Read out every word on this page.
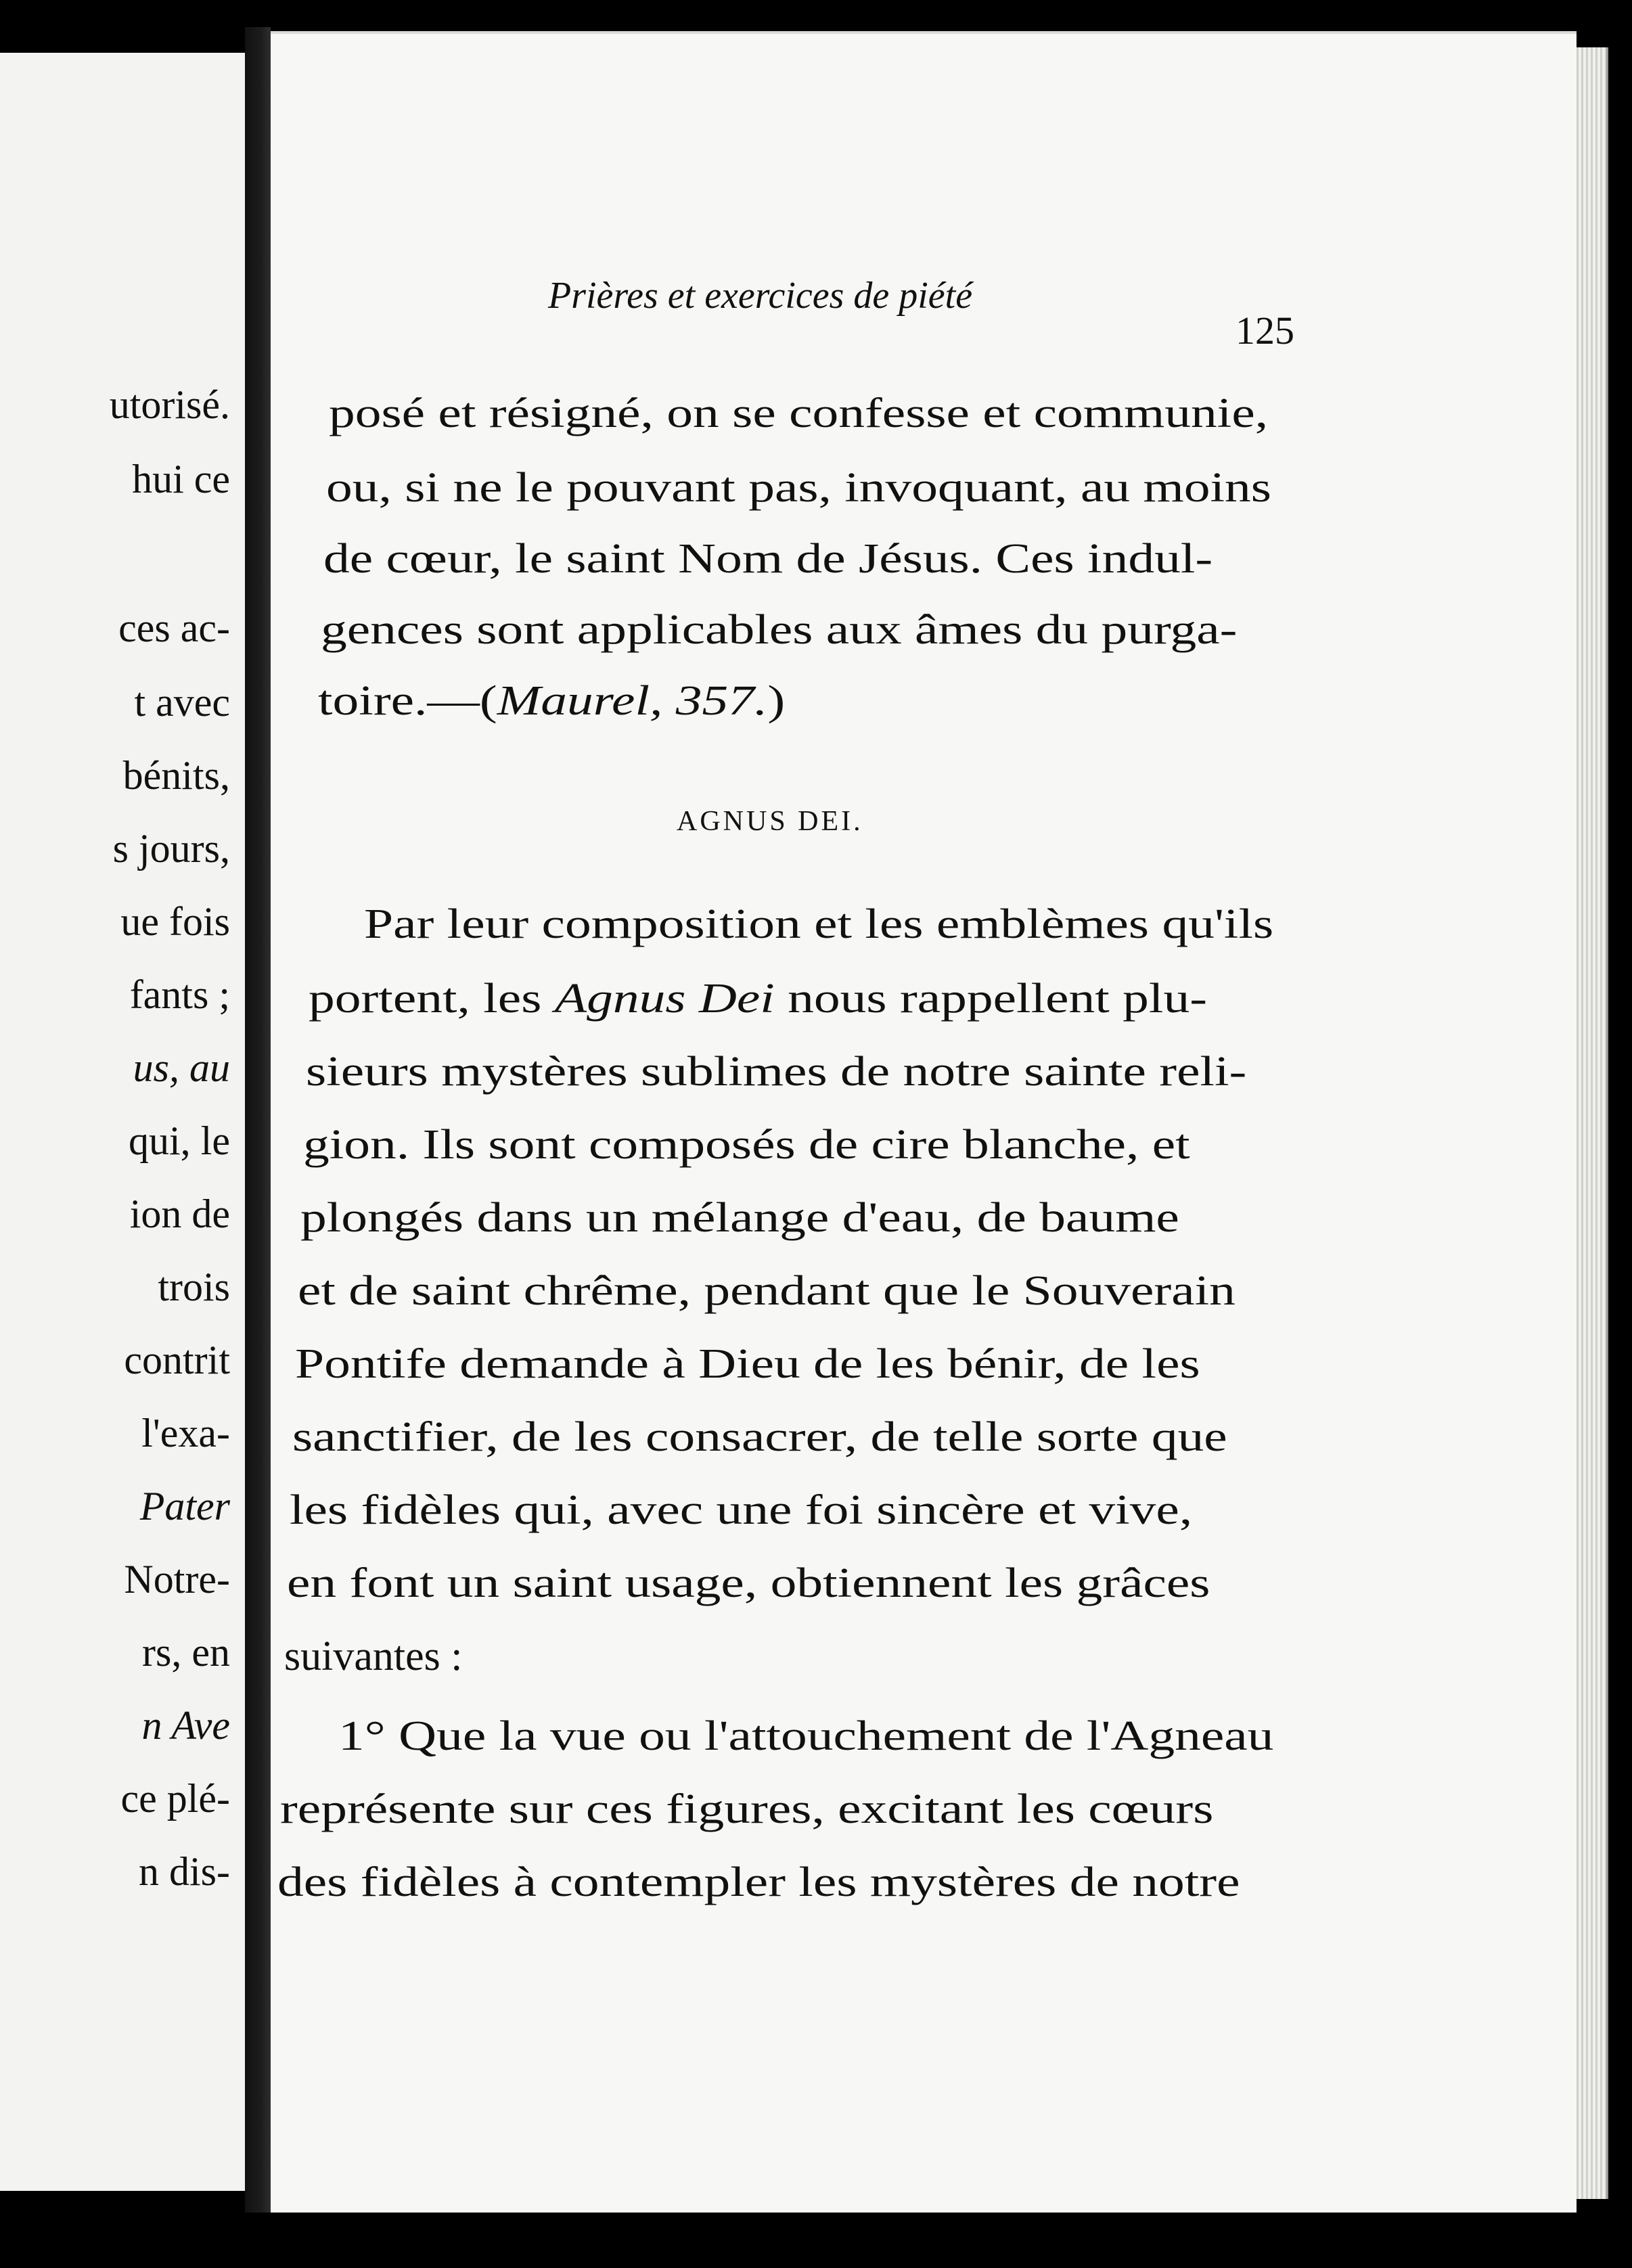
utorisé.
hui ce
ces ac-
t avec
bénits,
s jours,
ue fois
fants ;
us, au
qui, le
ion de
trois
contrit
l'exa-
Pater
Notre-
rs, en
n Ave
ce plé-
n dis-
Prières et exercices de piété
125
posé et résigné, on se confesse et communie,
ou, si ne le pouvant pas, invoquant, au moins
de cœur, le saint Nom de Jésus. Ces indul-
gences sont applicables aux âmes du purga-
toire.—(Maurel, 357.)
AGNUS DEI.
Par leur composition et les emblèmes qu'ils
portent, les Agnus Dei nous rappellent plu-
sieurs mystères sublimes de notre sainte reli-
gion. Ils sont composés de cire blanche, et
plongés dans un mélange d'eau, de baume
et de saint chrême, pendant que le Souverain
Pontife demande à Dieu de les bénir, de les
sanctifier, de les consacrer, de telle sorte que
les fidèles qui, avec une foi sincère et vive,
en font un saint usage, obtiennent les grâces
suivantes :
1° Que la vue ou l'attouchement de l'Agneau
représente sur ces figures, excitant les cœurs
des fidèles à contempler les mystères de notre
